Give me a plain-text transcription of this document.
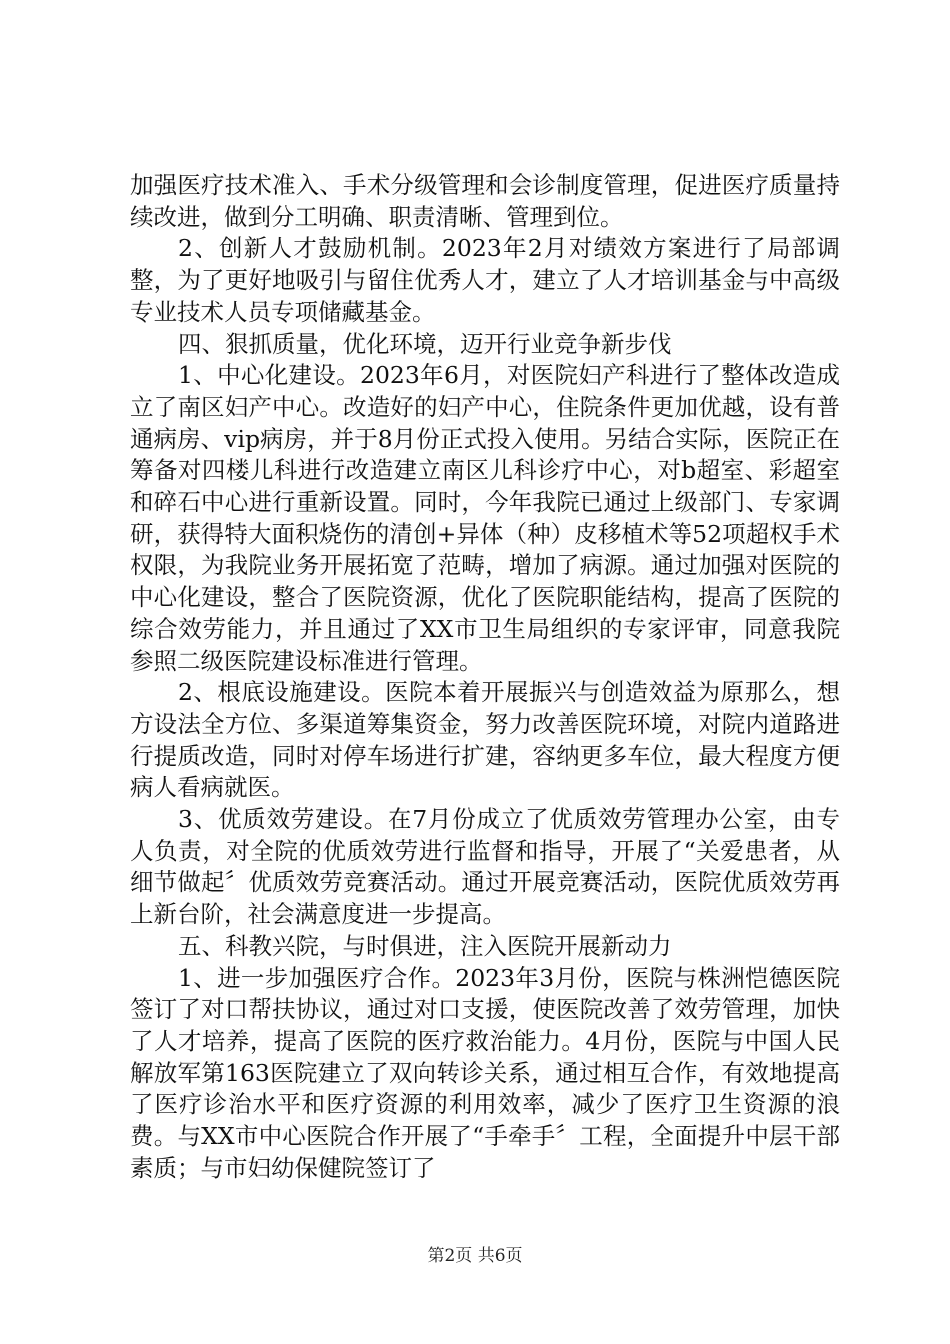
加强医疗技术准入、手术分级管理和会诊制度管理，促进医疗质量持续改进，做到分工明确、职责清晰、管理到位。

2、创新人才鼓励机制。2023年2月对绩效方案进行了局部调整，为了更好地吸引与留住优秀人才，建立了人才培训基金与中高级专业技术人员专项储藏基金。

四、狠抓质量，优化环境，迈开行业竞争新步伐

1、中心化建设。2023年6月，对医院妇产科进行了整体改造成立了南区妇产中心。改造好的妇产中心，住院条件更加优越，设有普通病房、vip病房，并于8月份正式投入使用。另结合实际，医院正在筹备对四楼儿科进行改造建立南区儿科诊疗中心，对b超室、彩超室和碎石中心进行重新设置。同时，今年我院已通过上级部门、专家调研，获得特大面积烧伤的清创+异体（种）皮移植术等52项超权手术权限，为我院业务开展拓宽了范畴，增加了病源。通过加强对医院的中心化建设，整合了医院资源，优化了医院职能结构，提高了医院的综合效劳能力，并且通过了XX市卫生局组织的专家评审，同意我院参照二级医院建设标准进行管理。

2、根底设施建设。医院本着开展振兴与创造效益为原那么，想方设法全方位、多渠道筹集资金，努力改善医院环境，对院内道路进行提质改造，同时对停车场进行扩建，容纳更多车位，最大程度方便病人看病就医。

3、优质效劳建设。在7月份成立了优质效劳管理办公室，由专人负责，对全院的优质效劳进行监督和指导，开展了“关爱患者，从细节做起〞优质效劳竞赛活动。通过开展竞赛活动，医院优质效劳再上新台阶，社会满意度进一步提高。

五、科教兴院，与时俱进，注入医院开展新动力

1、进一步加强医疗合作。2023年3月份，医院与株洲恺德医院签订了对口帮扶协议，通过对口支援，使医院改善了效劳管理，加快了人才培养，提高了医院的医疗救治能力。4月份，医院与中国人民解放军第163医院建立了双向转诊关系，通过相互合作，有效地提高了医疗诊治水平和医疗资源的利用效率，减少了医疗卫生资源的浪费。与XX市中心医院合作开展了“手牵手〞工程，全面提升中层干部素质；与市妇幼保健院签订了

第2页 共6页
